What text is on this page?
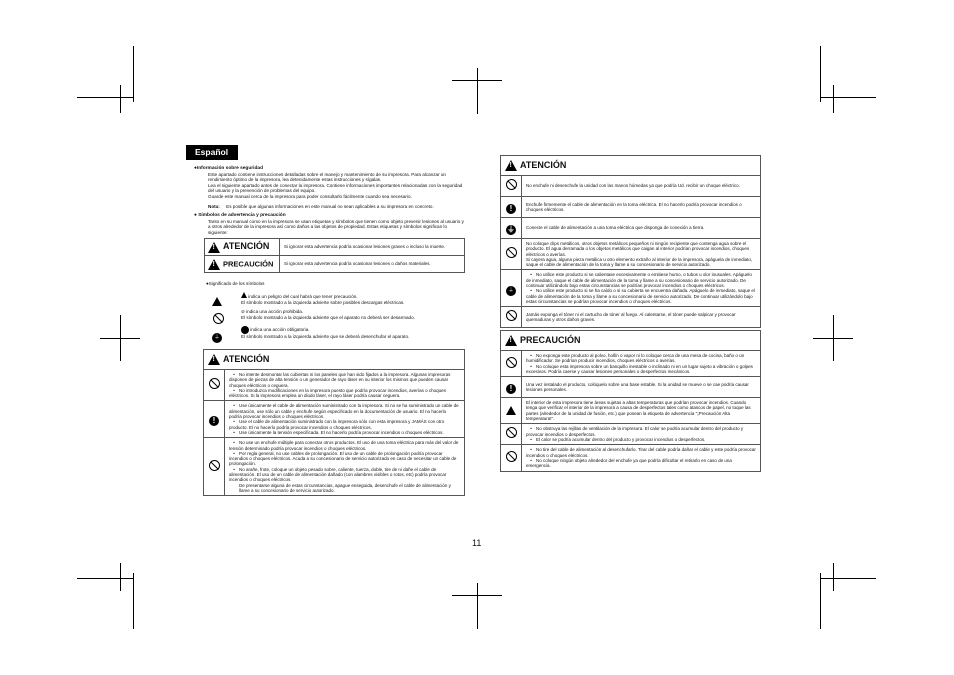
Español
●Información sobre seguridad
Este apartado contiene instrucciones detalladas sobre el manejo y mantenimiento de su impresora. Para alcanzar un
rendimiento óptimo de la impresora, lea detenidamente estas instrucciones y sígalas.
Lea el siguiente apartado antes de conectar la impresora. Contiene informaciones importantes relacionadas con la seguridad
del usuario y la prevención de problemas del equipo.
Guarde este manual cerca de la impresora para poder consultarlo fácilmente cuando sea necesario.
Nota: Es posible que algunas informaciones en este manual no sean aplicables a su impresora en concreto.
● Símbolos de advertencia y precaución
Tanto en su manual como en la impresora se usan etiquetas y símbolos que tienen como objeto prevenir lesiones al usuario y
a otros alrededor de la impresora así como daños a las objetos de propiedad. Estas etiquetas y símbolos significan lo
siguiente:
!ATENCIÓN	Si ignorar esta advertencia podría ocasionar lesiones graves o incluso la muerte.
!PRECAUCIÓN	Si ignorar esta advertencia podría ocasionar lesiones o daños materiales.
●Significado de los símbolos
indica un peligro del cual habrá que tener precaución.
El símbolo mostrado a la izquierda advierte sobre posibles descargas eléctricas.
⊘ indica una acción prohibida.
El símbolo mostrado a la izquierda advierte que el aparato no deberá ser desarmado.
⏚
indica una acción obligatoria.
El símbolo mostrado a la izquierda advierte que se deberá desenchufar el aparato.
!ATENCIÓN

	• No intente desmontar las cubiertas ni los paneles que han sido fijados a la impresora. Algunas impresoras disponen de piezas de alta tensión o un generador de rayo láser en su interior los mismos que pueden causar choques eléctricos o ceguera.
• No introduzca modificaciones en la impresora puesto que podría provocar incendios, averías o choques eléctricos. Si la impresora emplea un diodo láser, el rayo láser podría causar ceguera.

!	• Use únicamente el cable de alimentación suministrado con la impresora. Si no se ha suministrado un cable de alimentación, use sólo un cable y enchufe según especificado en la documentación de usuario. El no hacerlo podría provocar incendios o choques eléctricos.
• Use el cable de alimentación suministrado con la impresora sólo con esta impresora y JAMÁS con otro producto. El no hacerlo podría provocar incendios o choques eléctricos.
• Use únicamente la tensión especificada. El no hacerlo podría provocar incendios o choques eléctricos.

	• No use un enchufe múltiple para conectar otros productos. El uso de una toma eléctrica para más del valor de tensión determinado podría provocar incendios o choques eléctricos.
• Por regla general, no use cables de prolongación. El uso de un cable de prolongación podría provocar incendios o choques eléctricos. Acuda a su concesionario de servicio autorizado en caso de necesitar un cable de prolongación.
• No arañe, frote, coloque un objeto pesado sobre, caliente, tuerza, doble, tire de ni dañe el cable de alimentación. El uso de un cable de alimentación dañado (con alambres visibles o rotos, etc) podría provocar incendios o choques eléctricos.
De presentarse alguna de estas circunstancias, apague enseguida, desenchufe el cable de alimentación y llame a su concesionario de servicio autorizado.
!ATENCIÓN
	No enchufe ni desenchufe la unidad con las manos húmedas ya que podría Ud. recibir un choque eléctrico.
!	Enchufe firmemente el cable de alimentación en la toma eléctrica. El no hacerlo podría provocar incendios o choques eléctricos.
⏚	Conecte el cable de alimentación a una toma eléctrica que disponga de conexión a tierra.

	No coloque clips metálicos, otros objetos metálicos pequeños ni ningún recipiente que contenga agua sobre el producto. El agua derramada o los objetos metálicos que caigan al interior podrían provocar incendios, choques eléctricos o averías.
Si cayera agua, alguna pieza metálica u otro elemento extraño al interior de la impresora, apáguela de inmediato, saque el cable de alimentación de la toma y llame a su concesionario de servicio autorizado.

⏚	• No utilice este producto si se calientase excesivamente o emitiese humo, o tubos u olor inusuales. Apáguelo de inmediato, saque el cable de alimentación de la toma y llame a su concesionario de servicio autorizado. De continuar utilizándolo bajo estas circunstancias se podrían provocar incendios o choques eléctricos.
• No utilice este producto si se ha caído o si su cubierta se encuentra dañada. Apáguelo de inmediato, saque el cable de alimentación de la toma y llame a su concesionario de servicio autorizado. De continuar utilizándolo bajo estas circunstancias se podrían provocar incendios o choques eléctricos.

	Jamás exponga el tóner ni el cartucho de tóner al fuego. Al calentarse, el tóner puede salpicar y provocar quemaduras y otros daños graves.
!PRECAUCIÓN

	• No exponga este producto al polvo, hollín o vapor ni lo coloque cerca de una mesa de cocina, baño o un humidificador. Se podrían producir incendios, choques eléctricos o averías.
• No coloque esta impresora sobre un banquillo inestable o inclinado ni en un lugar sujeto a vibración o golpes excesivos. Podría caerse y causar lesiones personales o desperfectos mecánicos.

!	Una vez instalado el producto, colóquelo sobre una base estable. Si la unidad se mueve o se cae podría causar lesiones personales.
	El interior de esta impresora tiene áreas sujetas a altas temperaturas que podrían provocar incendios. Cuando tenga que verificar el interior de la impresora a causa de desperfectos tales como atascos de papel, no toque las partes (alrededor de la unidad de fusión, etc.) que posean la etiqueta de advertencia "¡Precaución Alta temperatura!".

	• No obstruya las rejillas de ventilación de la impresora. El calor se podría acumular dentro del producto y provocar incendios o desperfectos.
• El calor se podría acumular dentro del producto y provocar incendios o desperfectos.

	• No tire del cable de alimentación al desenchufarlo. Tirar del cable podría dañar el cable y este podría provocar incendios o choques eléctricos.
• No coloque ningún objeto alrededor del enchufe ya que podría dificultar el retirarlo en caso de una emergencia.
11
